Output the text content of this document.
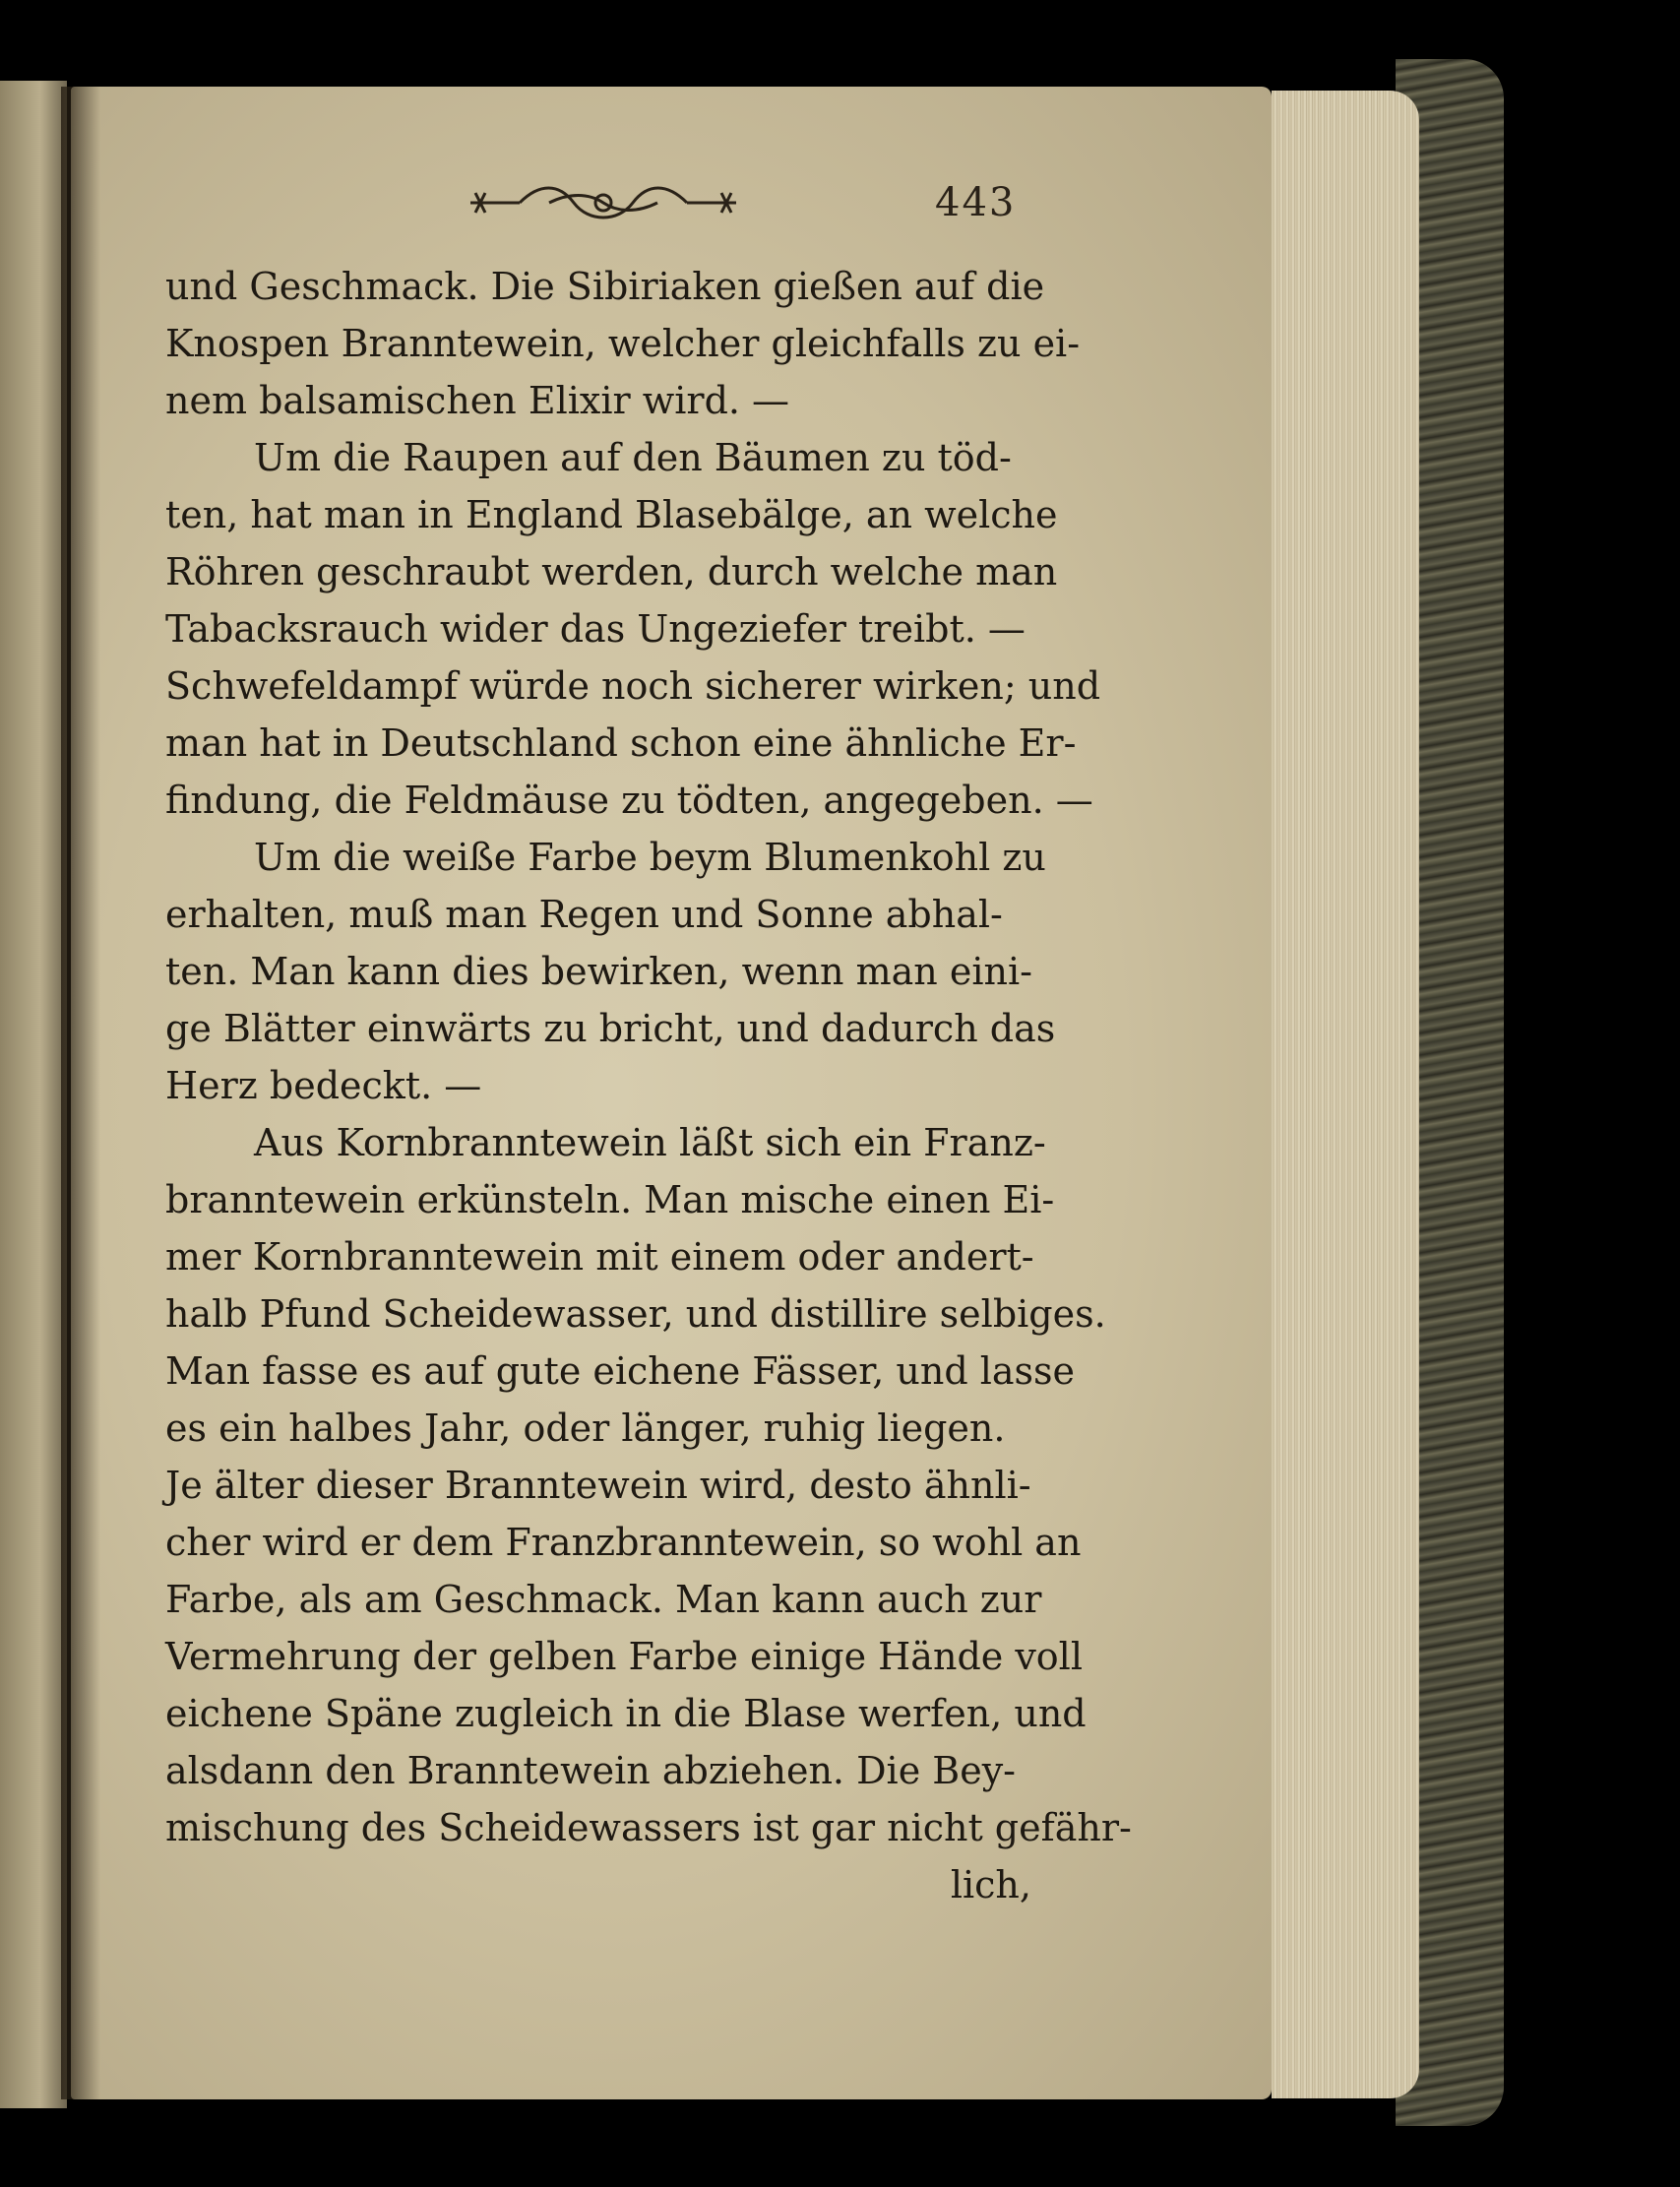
443
und Geschmack. Die Sibiriaken gießen auf die
Knospen Branntewein, welcher gleichfalls zu ei-
nem balsamischen Elixir wird. —
Um die Raupen auf den Bäumen zu töd-
ten, hat man in England Blasebälge, an welche
Röhren geschraubt werden, durch welche man
Tabacksrauch wider das Ungeziefer treibt. —
Schwefeldampf würde noch sicherer wirken; und
man hat in Deutschland schon eine ähnliche Er-
findung, die Feldmäuse zu tödten, angegeben. —
Um die weiße Farbe beym Blumenkohl zu
erhalten, muß man Regen und Sonne abhal-
ten. Man kann dies bewirken, wenn man eini-
ge Blätter einwärts zu bricht, und dadurch das
Herz bedeckt. —
Aus Kornbranntewein läßt sich ein Franz-
branntewein erkünsteln. Man mische einen Ei-
mer Kornbranntewein mit einem oder andert-
halb Pfund Scheidewasser, und distillire selbiges.
Man fasse es auf gute eichene Fässer, und lasse
es ein halbes Jahr, oder länger, ruhig liegen.
Je älter dieser Branntewein wird, desto ähnli-
cher wird er dem Franzbranntewein, so wohl an
Farbe, als am Geschmack. Man kann auch zur
Vermehrung der gelben Farbe einige Hände voll
eichene Späne zugleich in die Blase werfen, und
alsdann den Branntewein abziehen. Die Bey-
mischung des Scheidewassers ist gar nicht gefähr-
lich,
